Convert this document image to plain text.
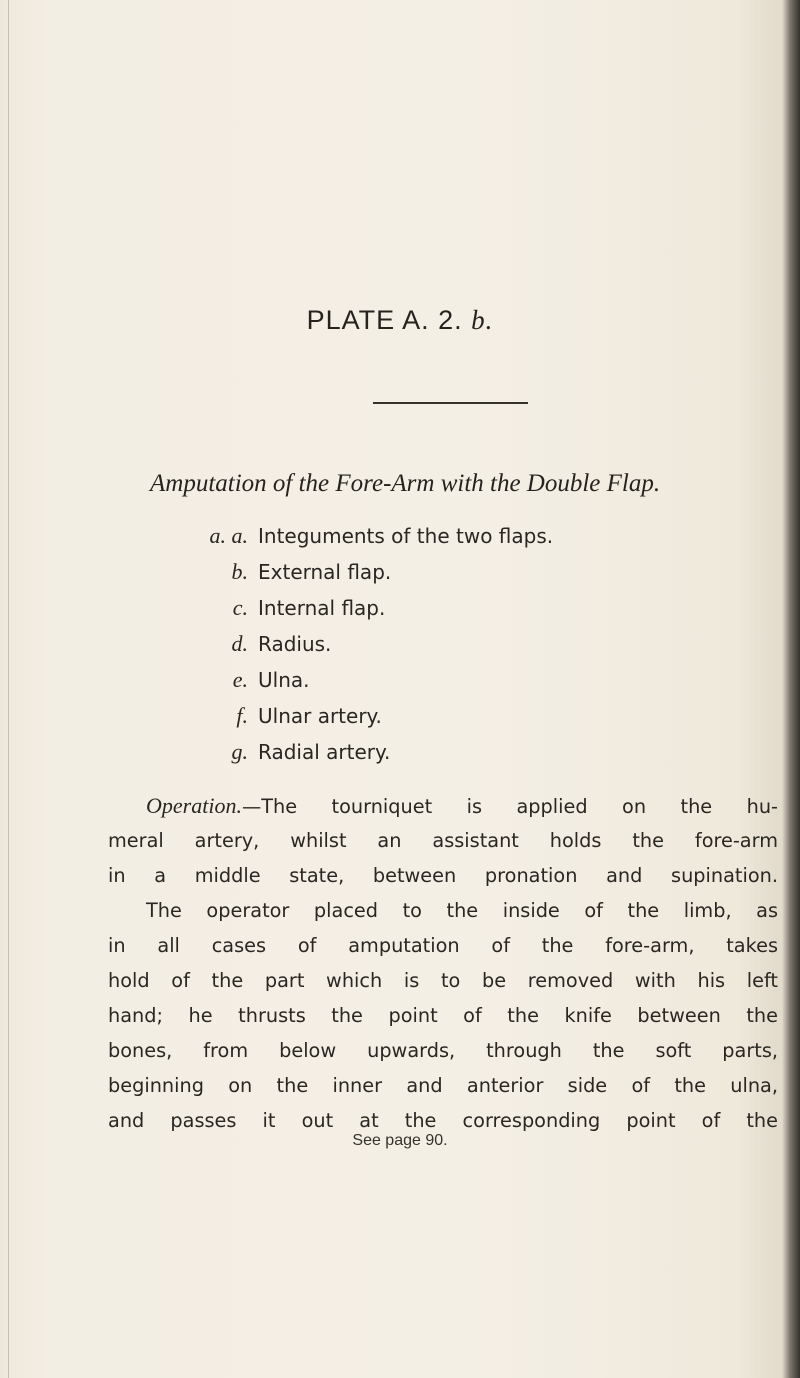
PLATE A. 2. b.
Amputation of the Fore-Arm with the Double Flap.
a. a. Integuments of the two flaps.
b. External flap.
c. Internal flap.
d. Radius.
e. Ulna.
f. Ulnar artery.
g. Radial artery.
Operation.—The tourniquet is applied on the hu-
meral artery, whilst an assistant holds the fore-arm
in a middle state, between pronation and supination.
The operator placed to the inside of the limb, as
in all cases of amputation of the fore-arm, takes
hold of the part which is to be removed with his left
hand; he thrusts the point of the knife between the
bones, from below upwards, through the soft parts,
beginning on the inner and anterior side of the ulna,
and passes it out at the corresponding point of the
See page 90.
